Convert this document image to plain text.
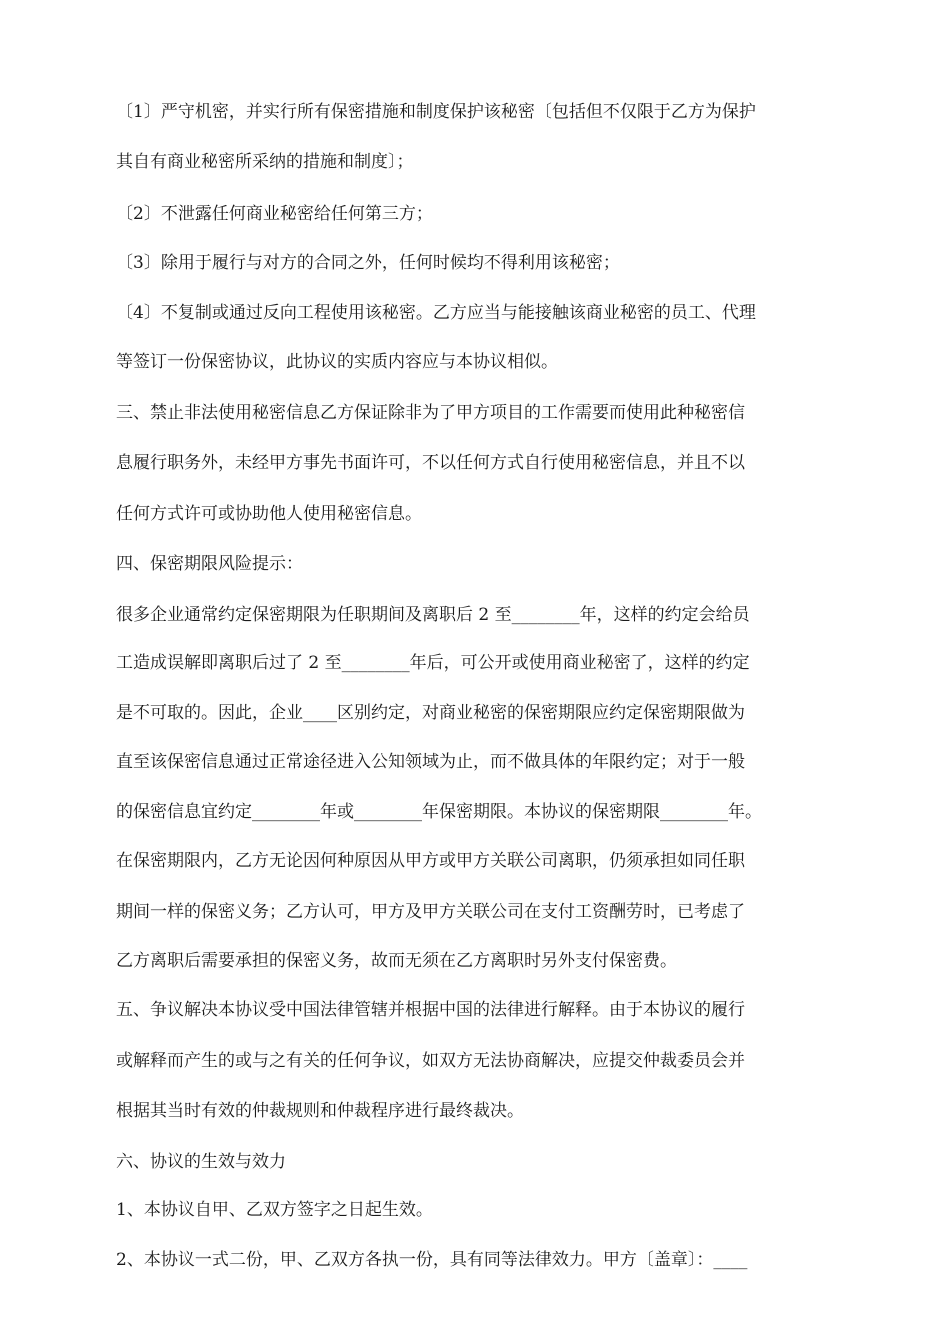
〔1〕严守机密，并实行所有保密措施和制度保护该秘密〔包括但不仅限于乙方为保护
其自有商业秘密所采纳的措施和制度〕；
〔2〕不泄露任何商业秘密给任何第三方；
〔3〕除用于履行与对方的合同之外，任何时候均不得利用该秘密；
〔4〕不复制或通过反向工程使用该秘密。乙方应当与能接触该商业秘密的员工、代理
等签订一份保密协议，此协议的实质内容应与本协议相似。
三、禁止非法使用秘密信息乙方保证除非为了甲方项目的工作需要而使用此种秘密信
息履行职务外，未经甲方事先书面许可，不以任何方式自行使用秘密信息，并且不以
任何方式许可或协助他人使用秘密信息。
四、保密期限风险提示：
很多企业通常约定保密期限为任职期间及离职后 2 至________年，这样的约定会给员
工造成误解即离职后过了 2 至________年后，可公开或使用商业秘密了，这样的约定
是不可取的。因此，企业____区别约定，对商业秘密的保密期限应约定保密期限做为
直至该保密信息通过正常途径进入公知领域为止，而不做具体的年限约定；对于一般
的保密信息宜约定________年或________年保密期限。本协议的保密期限________年。
在保密期限内，乙方无论因何种原因从甲方或甲方关联公司离职，仍须承担如同任职
期间一样的保密义务；乙方认可，甲方及甲方关联公司在支付工资酬劳时，已考虑了
乙方离职后需要承担的保密义务，故而无须在乙方离职时另外支付保密费。
五、争议解决本协议受中国法律管辖并根据中国的法律进行解释。由于本协议的履行
或解释而产生的或与之有关的任何争议，如双方无法协商解决，应提交仲裁委员会并
根据其当时有效的仲裁规则和仲裁程序进行最终裁决。
六、协议的生效与效力
1、本协议自甲、乙双方签字之日起生效。
2、本协议一式二份，甲、乙双方各执一份，具有同等法律效力。甲方〔盖章〕：____
